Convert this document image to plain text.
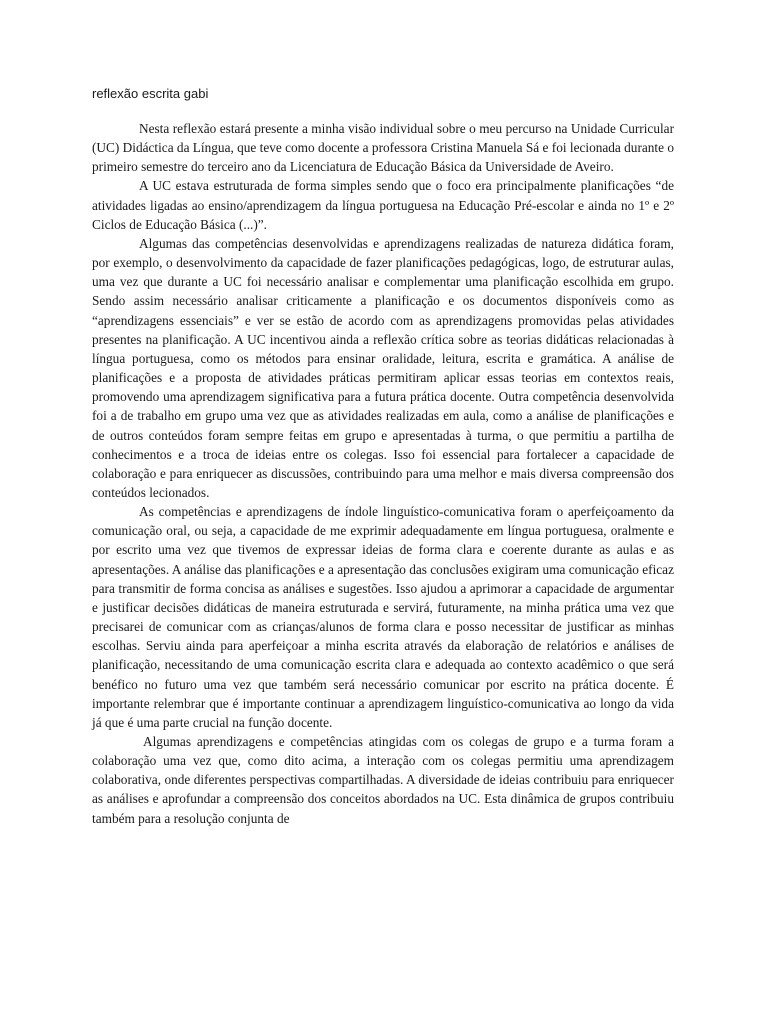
reflexão escrita gabi

Nesta reflexão estará presente a minha visão individual sobre o meu percurso na Unidade Curricular (UC) Didáctica da Língua, que teve como docente a professora Cristina Manuela Sá e foi lecionada durante o primeiro semestre do terceiro ano da Licenciatura de Educação Básica da Universidade de Aveiro.

A UC estava estruturada de forma simples sendo que o foco era principalmente planificações “de atividades ligadas ao ensino/aprendizagem da língua portuguesa na Educação Pré-escolar e ainda no 1º e 2º Ciclos de Educação Básica (...)”.

Algumas das competências desenvolvidas e aprendizagens realizadas de natureza didática foram, por exemplo, o desenvolvimento da capacidade de fazer planificações pedagógicas, logo, de estruturar aulas, uma vez que durante a UC foi necessário analisar e complementar uma planificação escolhida em grupo. Sendo assim necessário analisar criticamente a planificação e os documentos disponíveis como as “aprendizagens essenciais” e ver se estão de acordo com as aprendizagens promovidas pelas atividades presentes na planificação. A UC incentivou ainda a reflexão crítica sobre as teorias didáticas relacionadas à língua portuguesa, como os métodos para ensinar oralidade, leitura, escrita e gramática. A análise de planificações e a proposta de atividades práticas permitiram aplicar essas teorias em contextos reais, promovendo uma aprendizagem significativa para a futura prática docente. Outra competência desenvolvida foi a de trabalho em grupo uma vez que as atividades realizadas em aula, como a análise de planificações e de outros conteúdos foram sempre feitas em grupo e apresentadas à turma, o que permitiu a partilha de conhecimentos e a troca de ideias entre os colegas. Isso foi essencial para fortalecer a capacidade de colaboração e para enriquecer as discussões, contribuindo para uma melhor e mais diversa compreensão dos conteúdos lecionados.

As competências e aprendizagens de índole linguístico-comunicativa foram o aperfeiçoamento da comunicação oral, ou seja, a capacidade de me exprimir adequadamente em língua portuguesa, oralmente e por escrito uma vez que tivemos de expressar ideias de forma clara e coerente durante as aulas e as apresentações. A análise das planificações e a apresentação das conclusões exigiram uma comunicação eficaz para transmitir de forma concisa as análises e sugestões. Isso ajudou a aprimorar a capacidade de argumentar e justificar decisões didáticas de maneira estruturada e servirá, futuramente, na minha prática uma vez que precisarei de comunicar com as crianças/alunos de forma clara e posso necessitar de justificar as minhas escolhas. Serviu ainda para aperfeiçoar a minha escrita através da elaboração de relatórios e análises de planificação, necessitando de uma comunicação escrita clara e adequada ao contexto acadêmico o que será benéfico no futuro uma vez que também será necessário comunicar por escrito na prática docente. É importante relembrar que é importante continuar a aprendizagem linguístico-comunicativa ao longo da vida já que é uma parte crucial na função docente.

Algumas aprendizagens e competências atingidas com os colegas de grupo e a turma foram a colaboração uma vez que, como dito acima, a interação com os colegas permitiu uma aprendizagem colaborativa, onde diferentes perspectivas compartilhadas. A diversidade de ideias contribuiu para enriquecer as análises e aprofundar a compreensão dos conceitos abordados na UC. Esta dinâmica de grupos contribuiu também para a resolução conjunta de
